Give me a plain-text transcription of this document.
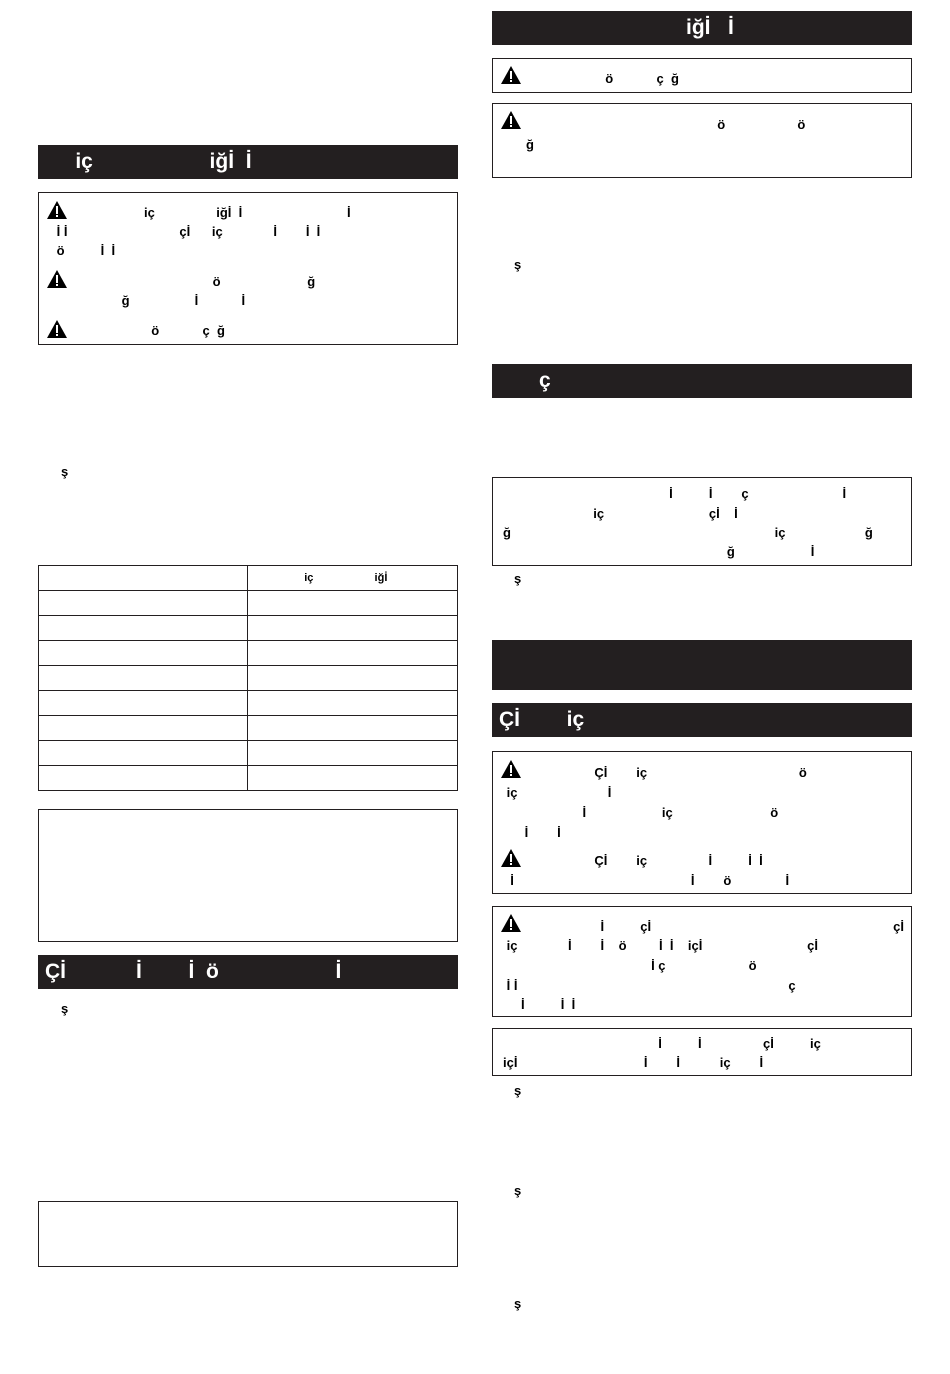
iç                    iğİ  İ
iç                 iğİ  İ                             İ
İ İ                               çİ      iç              İ        İ  İ
ö          İ  İ
ö                        ğ
ğ                  İ            İ
ö            ç  ğ
ş
	iç                    iğİ

Çİ            İ        İ  ö                    İ
ş
iğİ   İ
ö            ç  ğ
ö                    ö
ğ
ş
ç
İ          İ        ç                          İ
iç                             çİ    İ
ğ                                                                         iç                      ğ
ğ                     İ
ş
Çİ        iç
Çİ        iç                                          ö
iç                         İ
İ                     iç                           ö
İ        İ
Çİ        iç                 İ          İ  İ
İ                                                 İ        ö               İ
İ          çİ                                                                   çİ
iç              İ        İ    ö         İ  İ    içİ                             çİ
İ ç                       ö
İ İ                                                                           ç
İ          İ  İ
İ          İ                 çİ          iç
içİ                                   İ        İ           iç        İ
ş
ş
ş
